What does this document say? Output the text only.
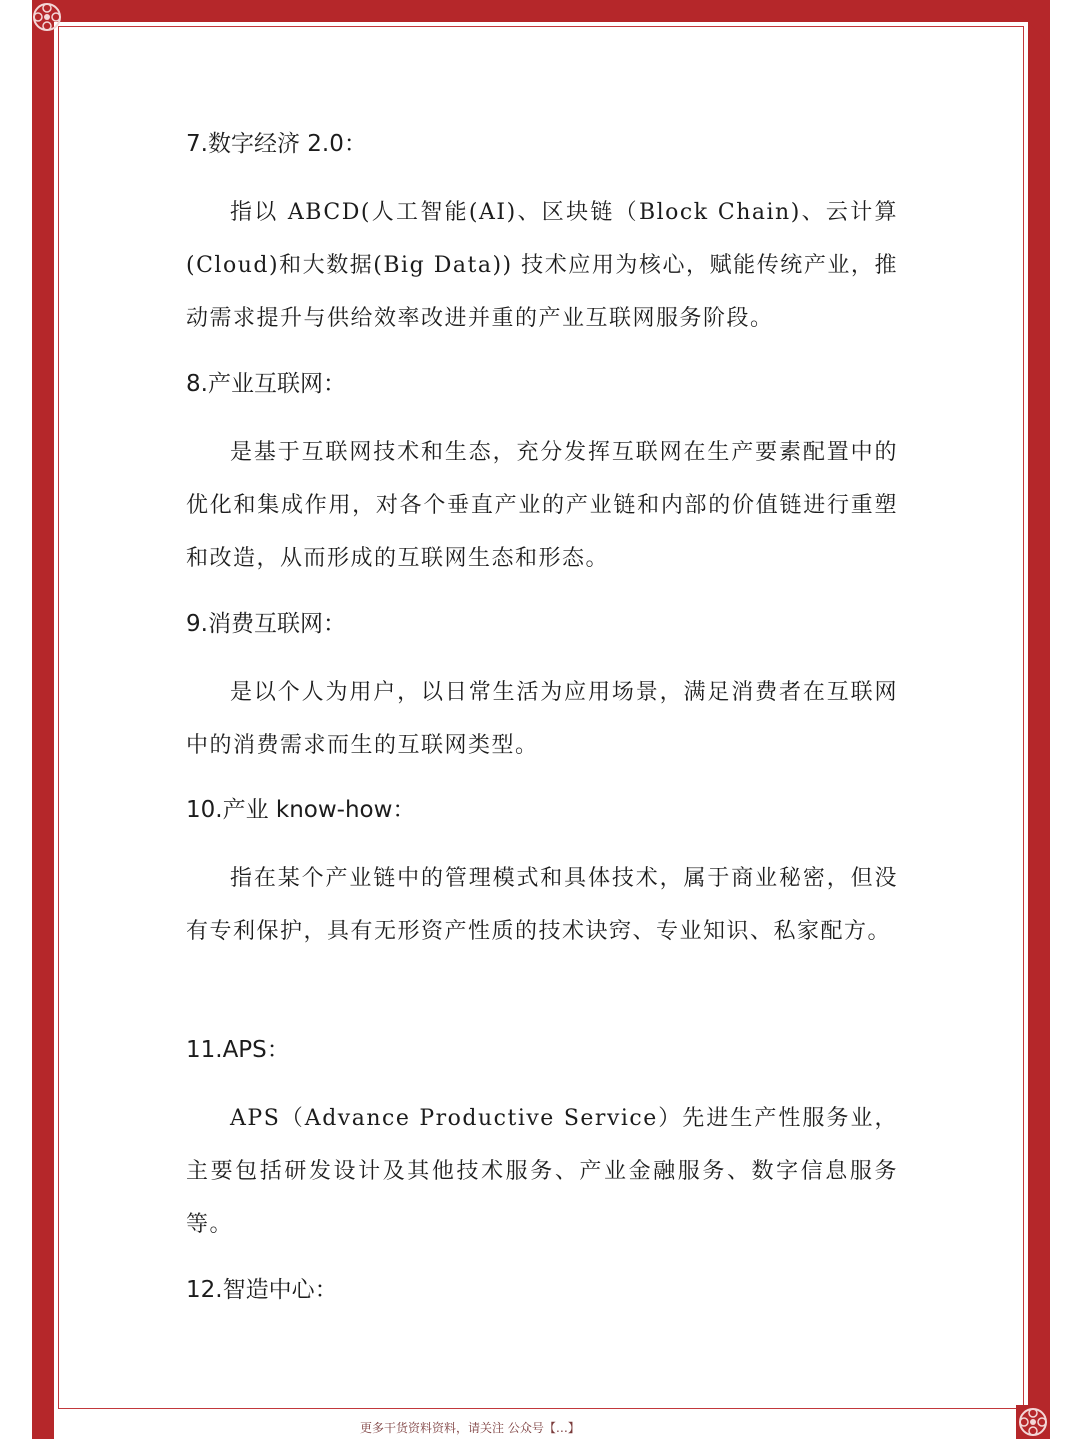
7.数字经济 2.0：

指以 ABCD(人工智能(AI)、区块链（Block Chain)、云计算(Cloud)和大数据(Big Data)) 技术应用为核心，赋能传统产业，推动需求提升与供给效率改进并重的产业互联网服务阶段。

8.产业互联网：

是基于互联网技术和生态，充分发挥互联网在生产要素配置中的优化和集成作用，对各个垂直产业的产业链和内部的价值链进行重塑和改造，从而形成的互联网生态和形态。

9.消费互联网：

是以个人为用户，以日常生活为应用场景，满足消费者在互联网中的消费需求而生的互联网类型。

10.产业 know-how：

指在某个产业链中的管理模式和具体技术，属于商业秘密，但没有专利保护，具有无形资产性质的技术诀窍、专业知识、私家配方。

11.APS：

APS（Advance Productive Service）先进生产性服务业，主要包括研发设计及其他技术服务、产业金融服务、数字信息服务等。

12.智造中心：

更多干货资料资料，请关注 公众号【…】
